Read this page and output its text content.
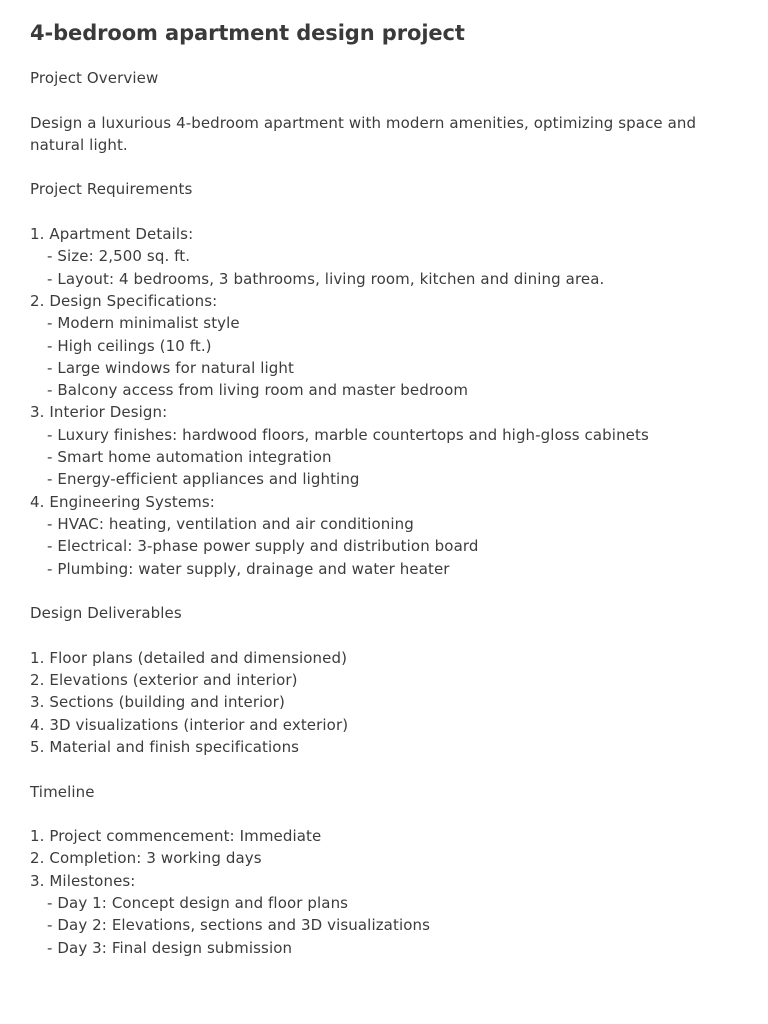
4-bedroom apartment design project
Project Overview
Design a luxurious 4-bedroom apartment with modern amenities, optimizing space and natural light.
Project Requirements
1. Apartment Details:
- Size: 2,500 sq. ft.
- Layout: 4 bedrooms, 3 bathrooms, living room, kitchen and dining area.
2. Design Specifications:
- Modern minimalist style
- High ceilings (10 ft.)
- Large windows for natural light
- Balcony access from living room and master bedroom
3. Interior Design:
- Luxury finishes: hardwood floors, marble countertops and high-gloss cabinets
- Smart home automation integration
- Energy-efficient appliances and lighting
4. Engineering Systems:
- HVAC: heating, ventilation and air conditioning
- Electrical: 3-phase power supply and distribution board
- Plumbing: water supply, drainage and water heater
Design Deliverables
1. Floor plans (detailed and dimensioned)
2. Elevations (exterior and interior)
3. Sections (building and interior)
4. 3D visualizations (interior and exterior)
5. Material and finish specifications
Timeline
1. Project commencement: Immediate
2. Completion: 3 working days
3. Milestones:
- Day 1: Concept design and floor plans
- Day 2: Elevations, sections and 3D visualizations
- Day 3: Final design submission
